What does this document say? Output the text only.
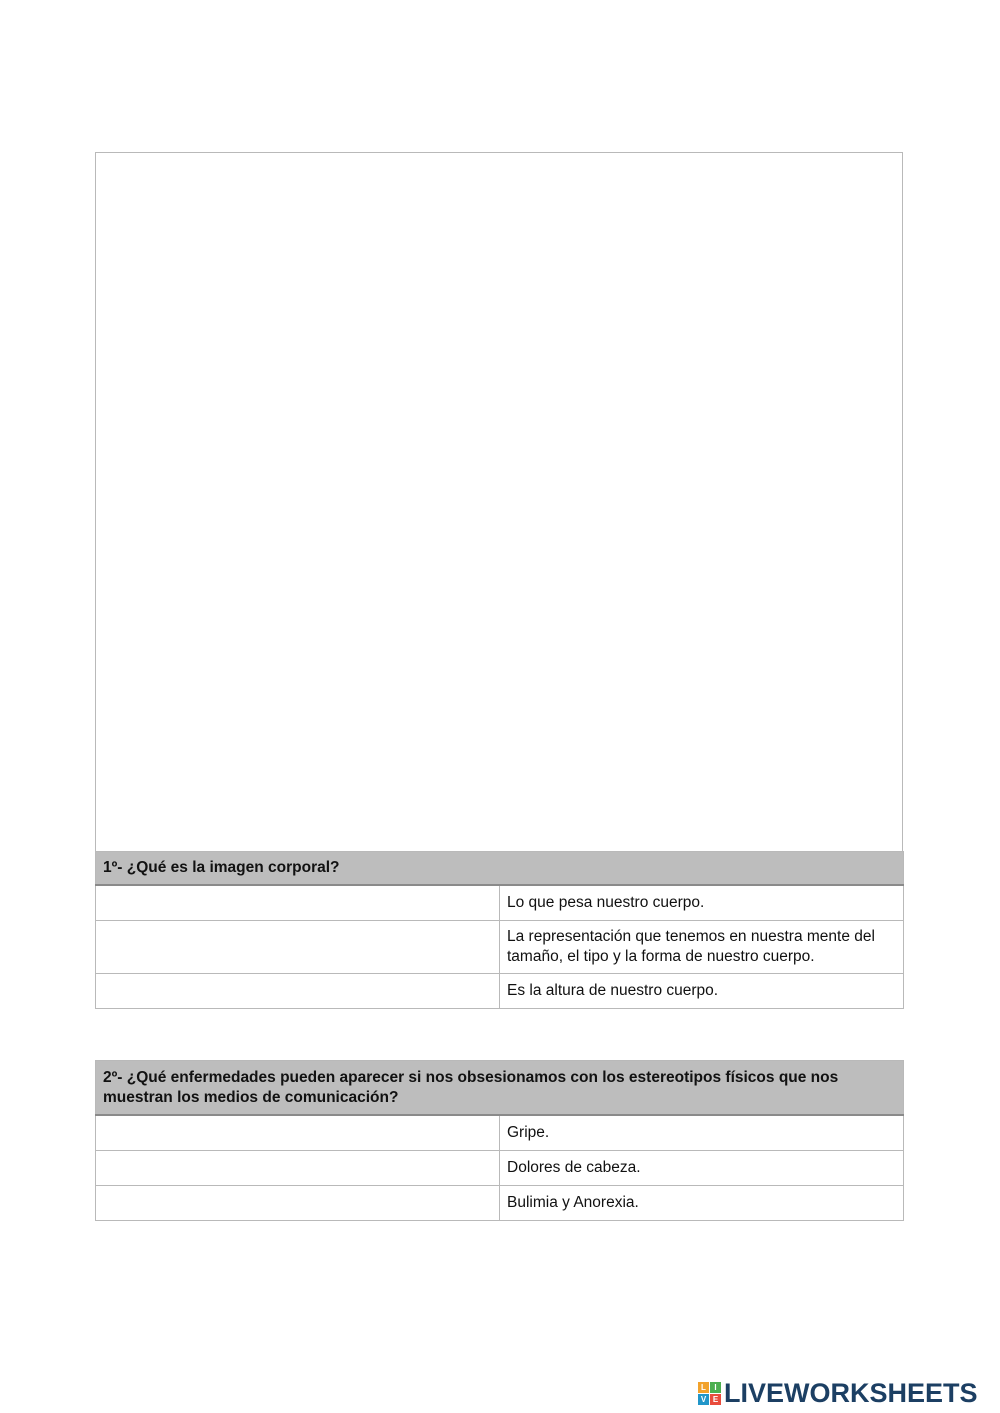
1º- ¿Qué es la imagen corporal?	
	Lo que pesa nuestro cuerpo.
	La representación que tenemos en nuestra mente del tamaño, el tipo y la forma de nuestro cuerpo.
	Es la altura de nuestro cuerpo.
2º- ¿Qué enfermedades pueden aparecer si nos obsesionamos con los estereotipos físicos que nos muestran los medios de comunicación?	
	Gripe.
	Dolores de cabeza.
	Bulimia y Anorexia.
L	I
V E LIVEWORKSHEETS
